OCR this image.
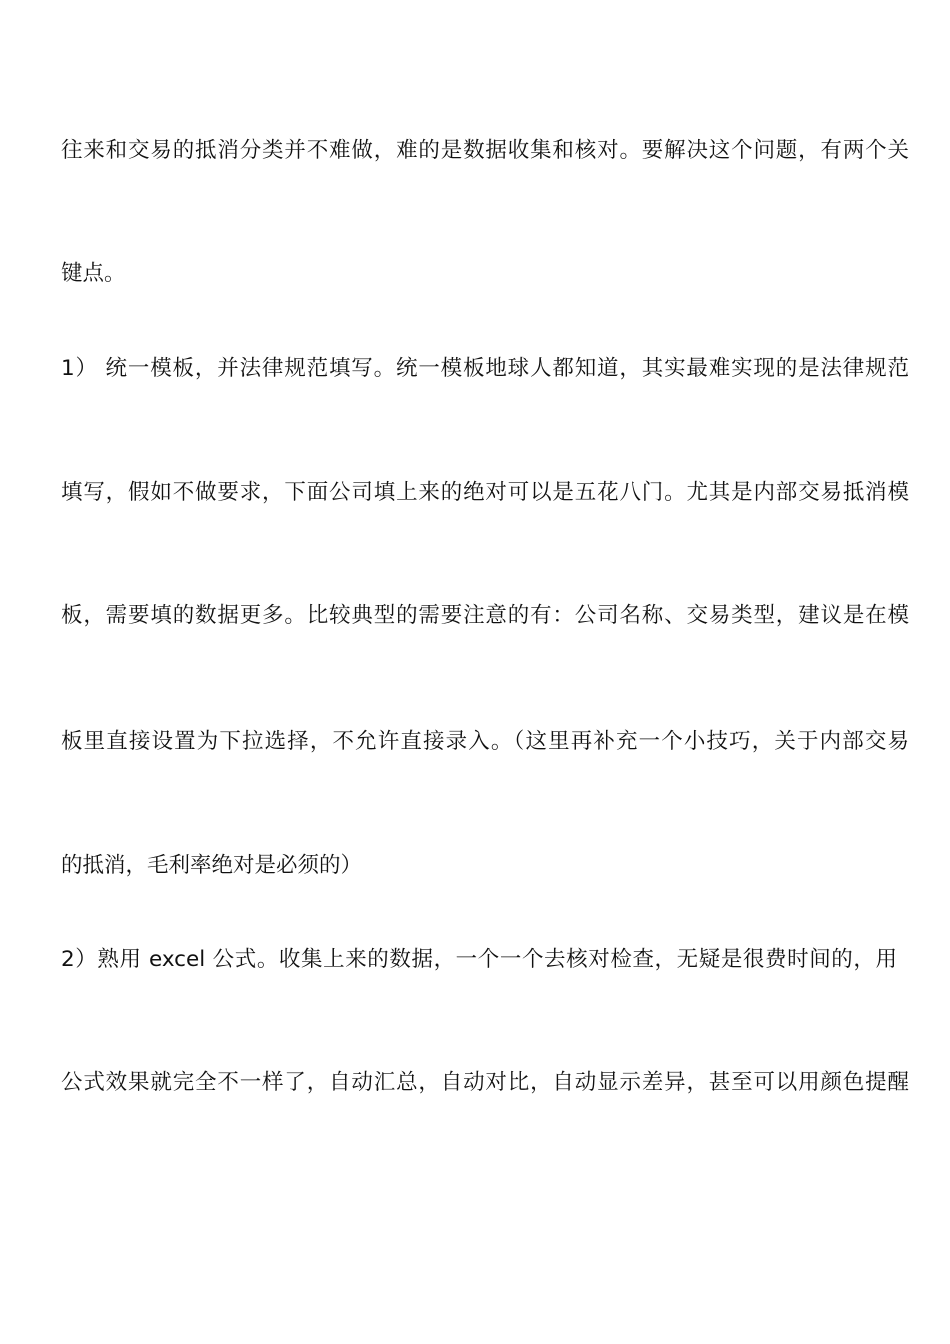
往来和交易的抵消分类并不难做，难的是数据收集和核对。要解决这个问题，有两个关
键点。
1） 统一模板，并法律规范填写。统一模板地球人都知道，其实最难实现的是法律规范
填写，假如不做要求，下面公司填上来的绝对可以是五花八门。尤其是内部交易抵消模
板，需要填的数据更多。比较典型的需要注意的有：公司名称、交易类型，建议是在模
板里直接设置为下拉选择，不允许直接录入。（这里再补充一个小技巧，关于内部交易
的抵消，毛利率绝对是必须的）
2）熟用 excel 公式。收集上来的数据，一个一个去核对检查，无疑是很费时间的，用
公式效果就完全不一样了，自动汇总，自动对比，自动显示差异，甚至可以用颜色提醒
